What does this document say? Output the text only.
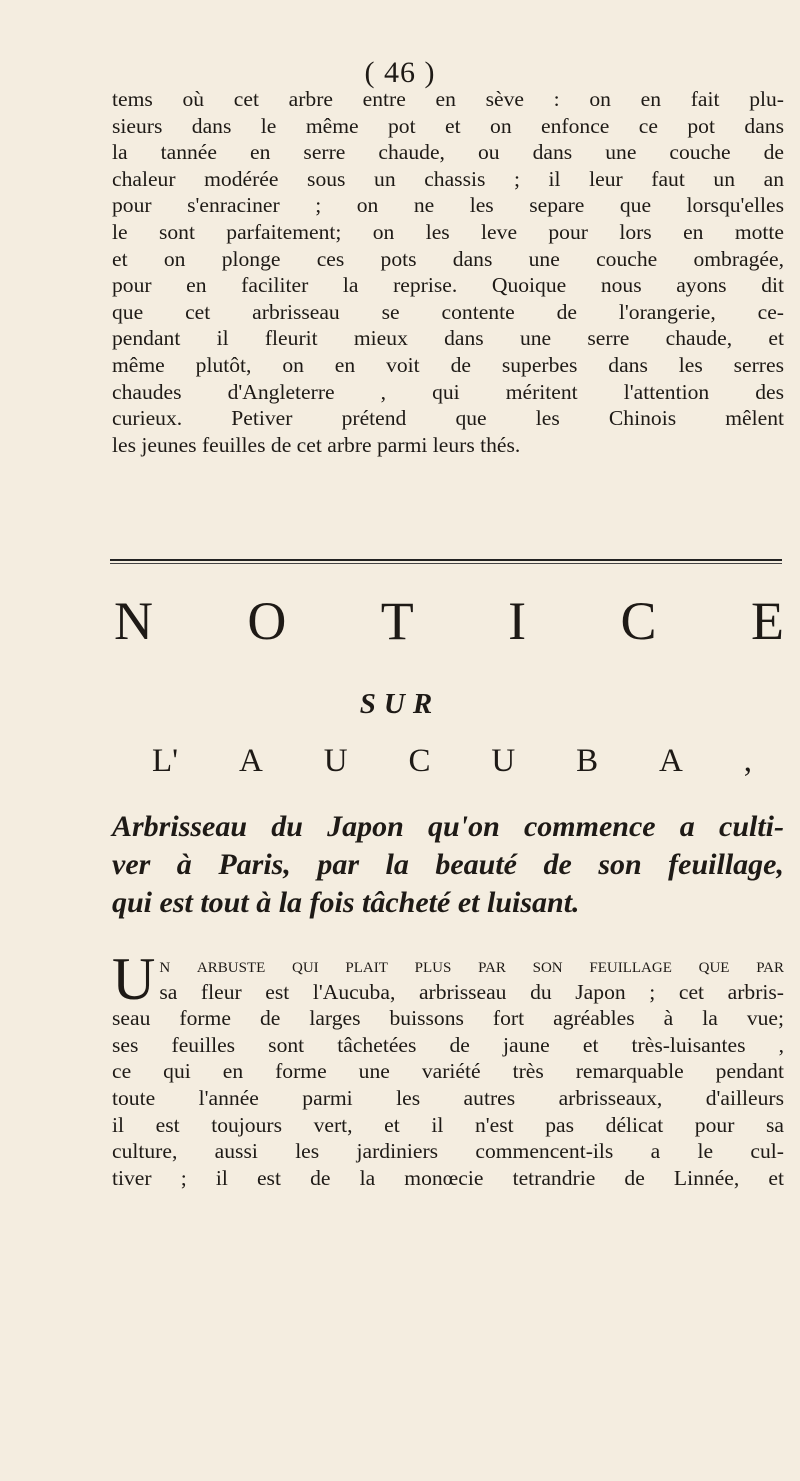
( 46 )
tems où cet arbre entre en sève : on en fait plu-
sieurs dans le même pot et on enfonce ce pot dans
la tannée en serre chaude, ou dans une couche de
chaleur modérée sous un chassis ; il leur faut un an
pour s'enraciner ; on ne les separe que lorsqu'elles
le sont parfaitement; on les leve pour lors en motte
et on plonge ces pots dans une couche ombragée,
pour en faciliter la reprise. Quoique nous ayons dit
que cet arbrisseau se contente de l'orangerie, ce-
pendant il fleurit mieux dans une serre chaude, et
même plutôt, on en voit de superbes dans les serres
chaudes d'Angleterre , qui méritent l'attention des
curieux. Petiver prétend que les Chinois mêlent
les jeunes feuilles de cet arbre parmi leurs thés.
N O T I C E
SUR
L' A U C U B A ,
Arbrisseau du Japon qu'on commence a culti-
ver à Paris, par la beauté de son feuillage,
qui est tout à la fois tâcheté et luisant.
U n arbuste qui plait plus par son feuillage que par
sa fleur est l'Aucuba, arbrisseau du Japon ; cet arbris-
seau forme de larges buissons fort agréables à la vue;
ses feuilles sont tâchetées de jaune et très-luisantes ,
ce qui en forme une variété très remarquable pendant
toute l'année parmi les autres arbrisseaux, d'ailleurs
il est toujours vert, et il n'est pas délicat pour sa
culture, aussi les jardiniers commencent-ils a le cul-
tiver ; il est de la monœcie tetrandrie de Linnée, et
